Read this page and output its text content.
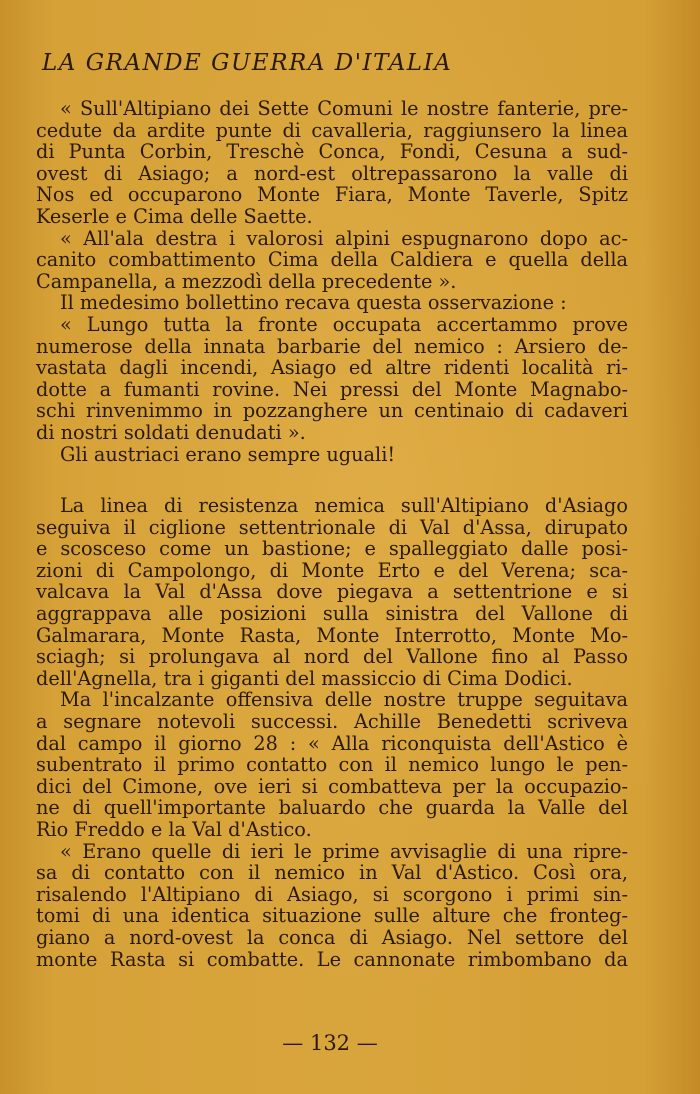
LA GRANDE GUERRA D'ITALIA
« Sull'Altipiano dei Sette Comuni le nostre fanterie, pre-
cedute da ardite punte di cavalleria, raggiunsero la linea
di Punta Corbin, Treschè Conca, Fondi, Cesuna a sud-
ovest di Asiago; a nord-est oltrepassarono la valle di
Nos ed occuparono Monte Fiara, Monte Taverle, Spitz
Keserle e Cima delle Saette.
« All'ala destra i valorosi alpini espugnarono dopo ac-
canito combattimento Cima della Caldiera e quella della
Campanella, a mezzodì della precedente ».
Il medesimo bollettino recava questa osservazione :
« Lungo tutta la fronte occupata accertammo prove
numerose della innata barbarie del nemico : Arsiero de-
vastata dagli incendi, Asiago ed altre ridenti località ri-
dotte a fumanti rovine. Nei pressi del Monte Magnabo-
schi rinvenimmo in pozzanghere un centinaio di cadaveri
di nostri soldati denudati ».
Gli austriaci erano sempre uguali!
La linea di resistenza nemica sull'Altipiano d'Asiago
seguiva il ciglione settentrionale di Val d'Assa, dirupato
e scosceso come un bastione; e spalleggiato dalle posi-
zioni di Campolongo, di Monte Erto e del Verena; sca-
valcava la Val d'Assa dove piegava a settentrione e si
aggrappava alle posizioni sulla sinistra del Vallone di
Galmarara, Monte Rasta, Monte Interrotto, Monte Mo-
sciagh; si prolungava al nord del Vallone fino al Passo
dell'Agnella, tra i giganti del massiccio di Cima Dodici.
Ma l'incalzante offensiva delle nostre truppe seguitava
a segnare notevoli successi. Achille Benedetti scriveva
dal campo il giorno 28 : « Alla riconquista dell'Astico è
subentrato il primo contatto con il nemico lungo le pen-
dici del Cimone, ove ieri si combatteva per la occupazio-
ne di quell'importante baluardo che guarda la Valle del
Rio Freddo e la Val d'Astico.
« Erano quelle di ieri le prime avvisaglie di una ripre-
sa di contatto con il nemico in Val d'Astico. Così ora,
risalendo l'Altipiano di Asiago, si scorgono i primi sin-
tomi di una identica situazione sulle alture che fronteg-
giano a nord-ovest la conca di Asiago. Nel settore del
monte Rasta si combatte. Le cannonate rimbombano da
— 132 —
